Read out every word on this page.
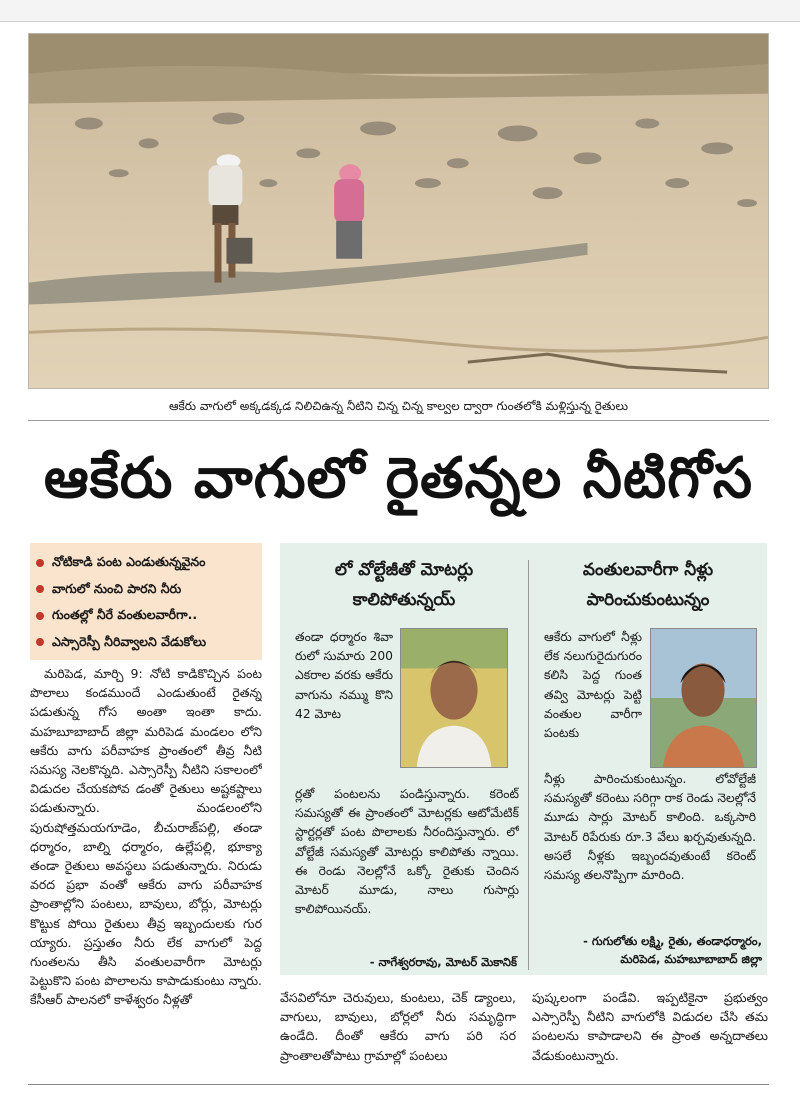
ఆకేరు వాగులో అక్కడక్కడ నిలిచిఉన్న నీటిని చిన్న చిన్న కాల్వల ద్వారా గుంతలోకి మళ్లిస్తున్న రైతులు
ఆకేరు వాగులో రైతన్నల నీటిగోస
నోటికాడి పంట ఎండుతున్నవైనం
వాగులో నుంచి పారని నీరు
గుంతల్లో నీరే వంతులవారీగా..
ఎస్సారెస్పీ నీరివ్వాలని వేడుకోలు

మరిపెడ, మార్చి 9: నోటి కాడికొచ్చిన పంట పొలాలు కండముందే ఎండుతుంటే రైతన్న పడుతున్న గోస అంతా ఇంతా కాదు. మహబూబాబాద్ జిల్లా మరిపెడ మండలం లోని ఆకేరు వాగు పరీవాహక ప్రాంతంలో తీవ్ర నీటి సమస్య నెలకొన్నది. ఎస్సారెస్పీ నీటిని సకాలంలో విడుదల చేయకపోవ డంతో రైతులు అష్టకష్టాలు పడుతున్నారు. మండలంలోని పురుషోత్తమయగూడెం, బీచురాజ్‌పల్లి, తండా ధర్మారం, బాల్ని ధర్మారం, ఉల్లేపల్లి, భూక్యా తండా రైతులు అవస్థలు పడుతున్నారు. నిరుడు వరద ప్రభా వంతో ఆకేరు వాగు పరీవాహక ప్రాంతాల్లోని పంటలు, బావులు, బోర్లు, మోటర్లు కొట్టుక పోయి రైతులు తీవ్ర ఇబ్బందులకు గుర య్యారు. ప్రస్తుతం నీరు లేక వాగులో పెద్ద గుంతలను తీసి వంతులవారీగా మోటర్లు పెట్టుకొని పంట పొలాలను కాపాడుకుంటు న్నారు. కేసీఆర్ పాలనలో కాళేశ్వరం నీళ్లతో

లో వోల్టేజీతో మోటర్లు
కాలిపోతున్నయ్
వంతులవారీగా నీళ్లు
పారించుకుంటున్నం
తండా ధర్మారం శివా రులో సుమారు 200 ఎకరాల వరకు ఆకేరు వాగును నమ్ము కొని 42 మోట
ర్లతో పంటలను పండిస్తున్నారు. కరెంట్ సమస్యతో ఈ ప్రాంతంలో మోటర్లకు ఆటోమేటిక్ స్టార్టర్లతో పంట పొలాలకు నీరందిస్తున్నారు. లో వోల్టేజీ సమస్యతో మోటర్లు కాలిపోతు న్నాయి. ఈ రెండు నెలల్లోనే ఒక్కో రైతుకు చెందిన మోటర్ మూడు, నాలు గుసార్లు కాలిపోయినయ్.
- నాగేశ్వరరావు, మోటర్ మెకానిక్
ఆకేరు వాగులో నీళ్లు లేక నలుగురైదుగురం కలిసి పెద్ద గుంత తవ్వి మోటర్లు పెట్టి వంతుల వారీగా పంటకు
నీళ్లు పారించుకుంటున్నం. లోవోల్టేజీ సమస్యతో కరెంటు సరిగ్గా రాక రెండు నెలల్లోనే మూడు సార్లు మోటర్ కాలింది. ఒక్కసారి మోటర్ రిపేరుకు రూ.3 వేలు ఖర్చవుతున్నది. అసలే నీళ్లకు ఇబ్బందవుతుంటే కరెంట్ సమస్య తలనొప్పిగా మారింది.
- గుగులోతు లక్ష్మి, రైతు, తండాధర్మారం,
మరిపెడ, మహబూబాబాద్ జిల్లా
వేసవిలోనూ చెరువులు, కుంటలు, చెక్ డ్యాంలు, వాగులు, బావులు, బోర్లలో నీరు సమృద్ధిగా ఉండేది. దీంతో ఆకేరు వాగు పరి సర ప్రాంతాలతోపాటు గ్రామాల్లో పంటలు
పుష్కలంగా పండేవి. ఇప్పటికైనా ప్రభుత్వం ఎస్సారెస్పీ నీటిని వాగులోకి విడుదల చేసి తమ పంటలను కాపాడాలని ఈ ప్రాంత అన్నదాతలు వేడుకుంటున్నారు.
